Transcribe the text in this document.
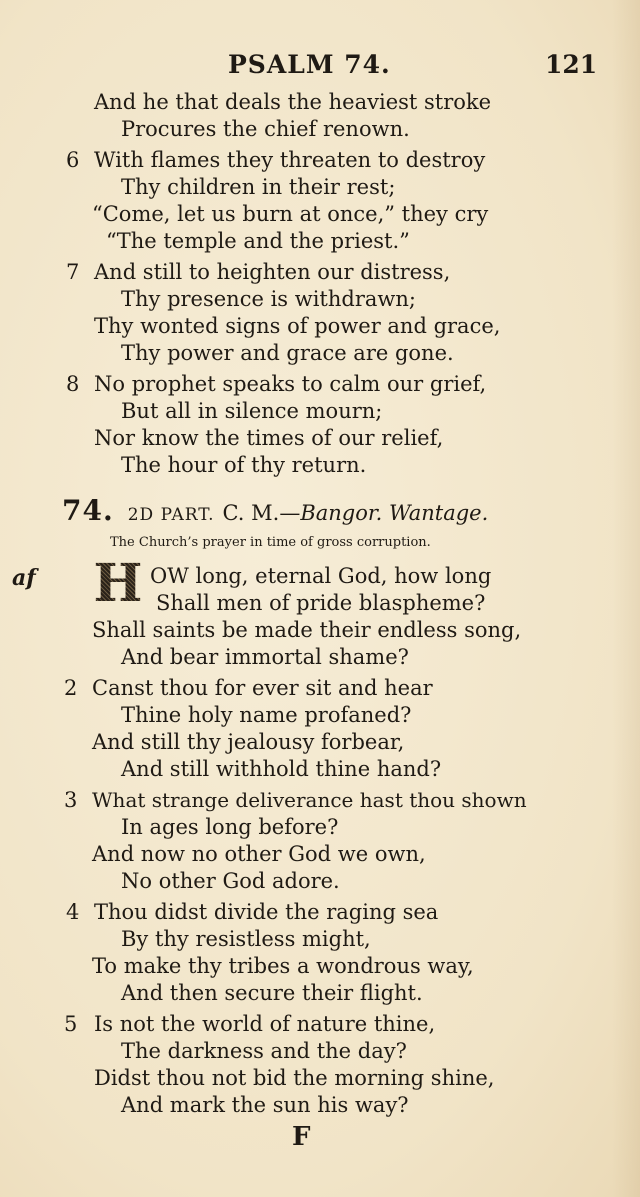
PSALM 74.	121
And he that deals the heaviest stroke
Procures the chief renown.
6 With flames they threaten to destroy
Thy children in their rest;
“Come, let us burn at once,” they cry
“The temple and the priest.”
7 And still to heighten our distress,
Thy presence is withdrawn;
Thy wonted signs of power and grace,
Thy power and grace are gone.
8 No prophet speaks to calm our grief,
But all in silence mourn;
Nor know the times of our relief,
The hour of thy return.
74. 2D PART. C. M.—Bangor. Wantage.
The Church’s prayer in time of gross corruption.
af H OW long, eternal God, how long
Shall men of pride blaspheme?
Shall saints be made their endless song,
And bear immortal shame?
2 Canst thou for ever sit and hear
Thine holy name profaned?
And still thy jealousy forbear,
And still withhold thine hand?
3 What strange deliverance hast thou shown
In ages long before?
And now no other God we own,
No other God adore.
4 Thou didst divide the raging sea
By thy resistless might,
To make thy tribes a wondrous way,
And then secure their flight.
5 Is not the world of nature thine,
The darkness and the day?
Didst thou not bid the morning shine,
And mark the sun his way?
F
